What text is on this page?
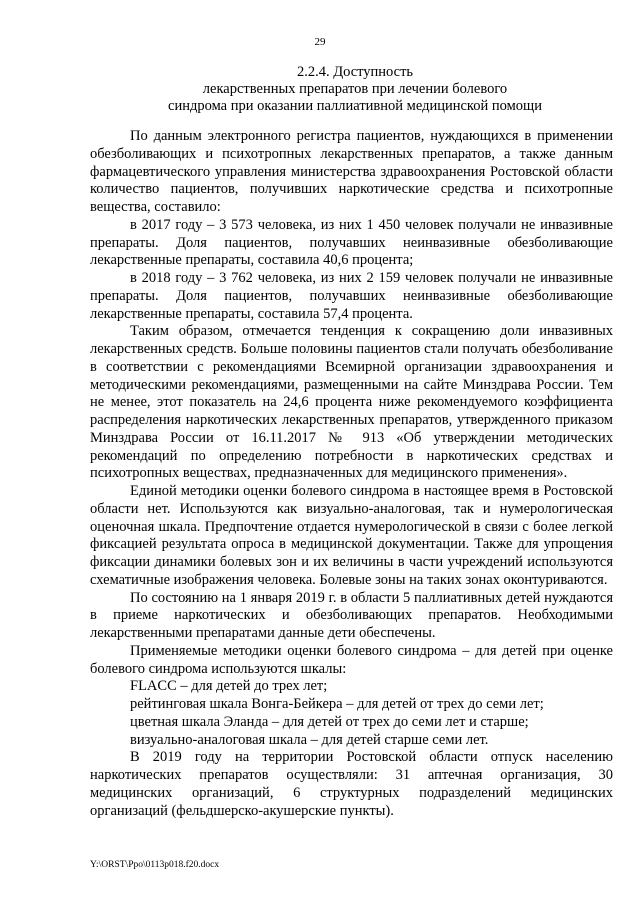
29
2.2.4. Доступность
лекарственных препаратов при лечении болевого
синдрома при оказании паллиативной медицинской помощи

По данным электронного регистра пациентов, нуждающихся в применении обезболивающих и психотропных лекарственных препаратов, а также данным фармацевтического управления министерства здравоохранения Ростовской области количество пациентов, получивших наркотические средства и психотропные вещества, составило:

в 2017 году – 3 573 человека, из них 1 450 человек получали не инвазивные препараты. Доля пациентов, получавших неинвазивные обезболивающие лекарственные препараты, составила 40,6 процента;

в 2018 году – 3 762 человека, из них 2 159 человек получали не инвазивные препараты. Доля пациентов, получавших неинвазивные обезболивающие лекарственные препараты, составила 57,4 процента.

Таким образом, отмечается тенденция к сокращению доли инвазивных лекарственных средств. Больше половины пациентов стали получать обезболивание в соответствии с рекомендациями Всемирной организации здравоохранения и методическими рекомендациями, размещенными на сайте Минздрава России. Тем не менее, этот показатель на 24,6 процента ниже рекомендуемого коэффициента распределения наркотических лекарственных препаратов, утвержденного приказом Минздрава России от 16.11.2017 № 913 «Об утверждении методических рекомендаций по определению потребности в наркотических средствах и психотропных веществах, предназначенных для медицинского применения».

Единой методики оценки болевого синдрома в настоящее время в Ростовской области нет. Используются как визуально-аналоговая, так и нумерологическая оценочная шкала. Предпочтение отдается нумерологической в связи с более легкой фиксацией результата опроса в медицинской документации. Также для упрощения фиксации динамики болевых зон и их величины в части учреждений используются схематичные изображения человека. Болевые зоны на таких зонах оконтуриваются.

По состоянию на 1 января 2019 г. в области 5 паллиативных детей нуждаются в приеме наркотических и обезболивающих препаратов. Необходимыми лекарственными препаратами данные дети обеспечены.

Применяемые методики оценки болевого синдрома – для детей при оценке болевого синдрома используются шкалы:

FLACC – для детей до трех лет;

рейтинговая шкала Вонга-Бейкера – для детей от трех до семи лет;

цветная шкала Эланда – для детей от трех до семи лет и старше;

визуально-аналоговая шкала – для детей старше семи лет.

В 2019 году на территории Ростовской области отпуск населению наркотических препаратов осуществляли: 31 аптечная организация, 30 медицинских организаций, 6 структурных подразделений медицинских организаций (фельдшерско-акушерские пункты).

Y:\ORST\Ppo\0113p018.f20.docx
